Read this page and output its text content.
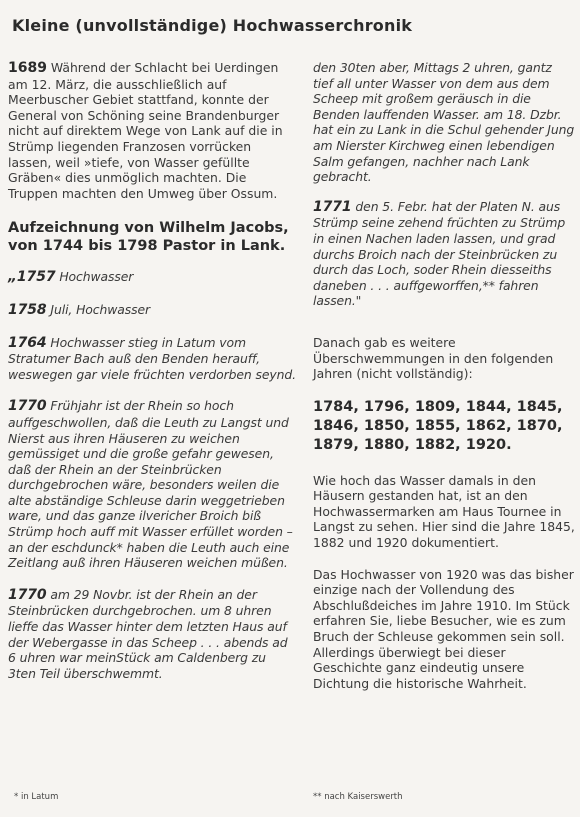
Kleine (unvollständige) Hochwasserchronik

1689 Während der Schlacht bei Uerdingen am 12. März, die ausschließlich auf Meerbuscher Gebiet stattfand, konnte der General von Schöning seine Brandenburger nicht auf direktem Wege von Lank auf die in Strümp liegenden Franzosen vorrücken lassen, weil »tiefe, von Wasser gefüllte Gräben« dies unmöglich machten. Die Truppen machten den Umweg über Ossum.

Aufzeichnung von Wilhelm Jacobs, von 1744 bis 1798 Pastor in Lank.

„1757 Hochwasser

1758 Juli, Hochwasser

1764 Hochwasser stieg in Latum vom Stratumer Bach auß den Benden herauff, weswegen gar viele früchten verdorben seynd.

1770 Frühjahr ist der Rhein so hoch auffgeschwollen, daß die Leuth zu Langst und Nierst aus ihren Häuseren zu weichen gemüssiget und die große gefahr gewesen, daß der Rhein an der Steinbrücken durchgebrochen wäre, besonders weilen die alte abständige Schleuse darin weggetrieben ware, und das ganze ilvericher Broich biß Strümp hoch auff mit Wasser erfüllet worden – an der eschdunck* haben die Leuth auch eine Zeitlang auß ihren Häuseren weichen müßen.

1770 am 29 Novbr. ist der Rhein an der Steinbrücken durchgebrochen. um 8 uhren lieffe das Wasser hinter dem letzten Haus auf der Webergasse in das Scheep . . . abends ad 6 uhren war meinStück am Caldenberg zu 3ten Teil überschwemmt.

den 30ten aber, Mittags 2 uhren, gantz tief all unter Wasser von dem aus dem Scheep mit großem geräusch in die Benden lauffenden Wasser. am 18. Dzbr. hat ein zu Lank in die Schul gehender Jung am Nierster Kirchweg einen lebendigen Salm gefangen, nachher nach Lank gebracht.

1771 den 5. Febr. hat der Platen N. aus Strümp seine zehend früchten zu Strümp in einen Nachen laden lassen, und grad durchs Broich nach der Steinbrücken zu durch das Loch, soder Rhein diesseiths daneben . . . auffgeworffen,** fahren lassen."

Danach gab es weitere Überschwemmungen in den folgenden Jahren (nicht vollständig):

1784, 1796, 1809, 1844, 1845, 1846, 1850, 1855, 1862, 1870, 1879, 1880, 1882, 1920.

Wie hoch das Wasser damals in den Häusern gestanden hat, ist an den Hochwassermarken am Haus Tournee in Langst zu sehen. Hier sind die Jahre 1845, 1882 und 1920 dokumentiert.

Das Hochwasser von 1920 was das bisher einzige nach der Vollendung des Abschlußdeiches im Jahre 1910. Im Stück erfahren Sie, liebe Besucher, wie es zum Bruch der Schleuse gekommen sein soll. Allerdings überwiegt bei dieser Geschichte ganz eindeutig unsere Dichtung die historische Wahrheit.

* in Latum	** nach Kaiserswerth
